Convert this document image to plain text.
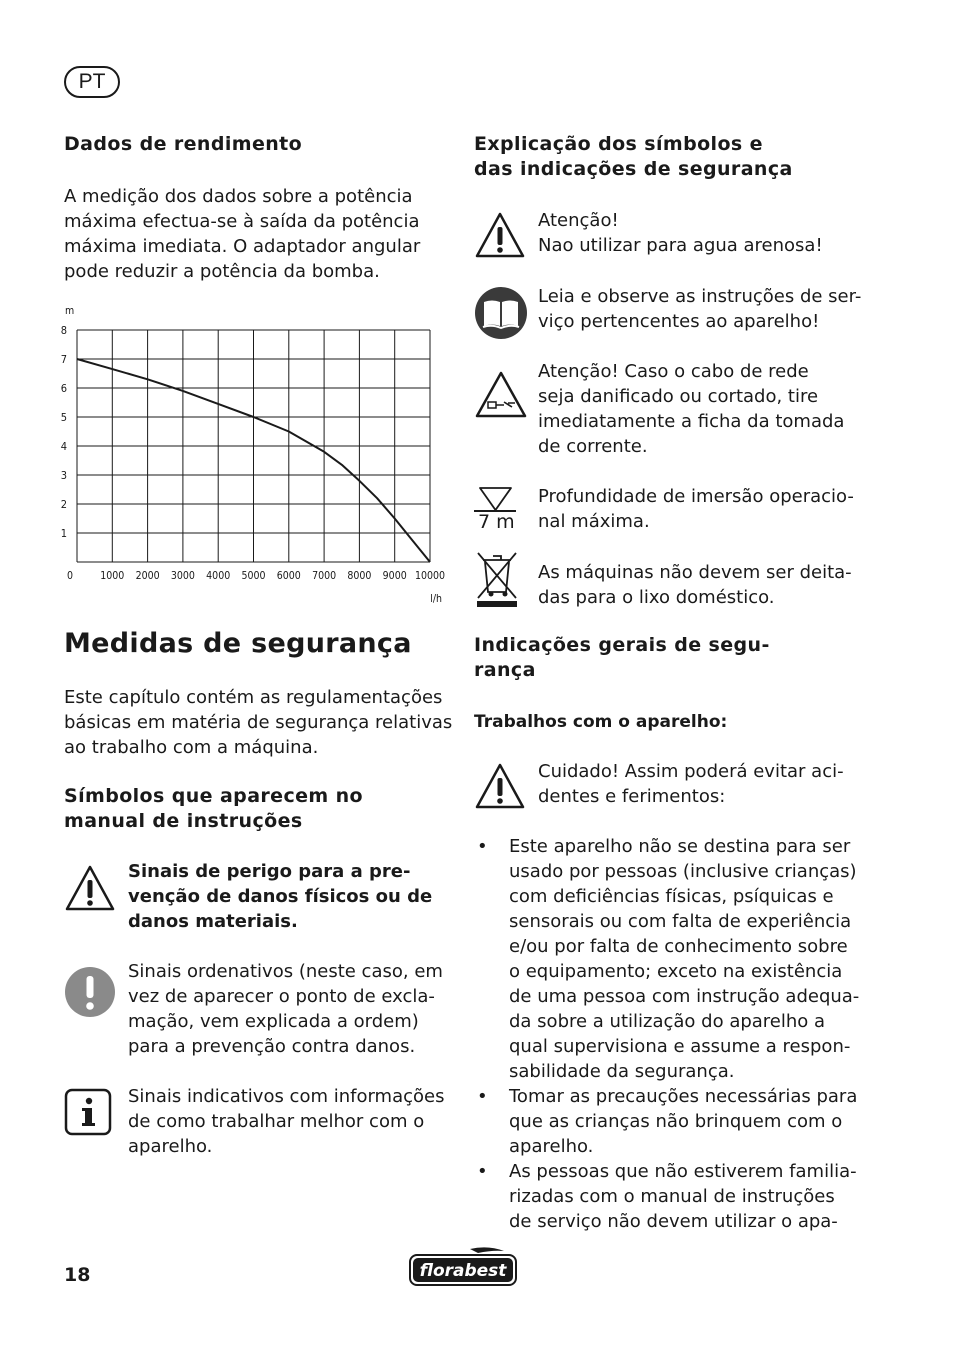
PT
Dados de rendimento

A medição dos dados sobre a potência
máxima efectua-se à saída da potência
máxima imediata. O adaptador angular
pode reduzir a potência da bomba.

1
2
3
4
5
6
7
8
0	1000 2000 3000 4000 5000 6000 7000 8000 9000 10000
m
l/h
Medidas de segurança

Este capítulo contém as regulamentações
básicas em matéria de segurança relativas
ao trabalho com a máquina.

Símbolos que aparecem no
manual de instruções

Sinais de perigo para a pre-
venção de danos físicos ou de
danos materiais.

Sinais ordenativos (neste caso, em
vez de aparecer o ponto de excla-
mação, vem explicada a ordem)
para a prevenção contra danos.

Sinais indicativos com informações
de como trabalhar melhor com o
aparelho.

Explicação dos símbolos e
das indicações de segurança

Atenção!
Nao utilizar para agua arenosa!

Leia e observe as instruções de ser-
viço pertencentes ao aparelho!

Atenção! Caso o cabo de rede
seja danificado ou cortado, tire
imediatamente a ficha da tomada
de corrente.

7 m

Profundidade de imersão operacio-
nal máxima.

As máquinas não devem ser deita-
das para o lixo doméstico.

Indicações gerais de segu-
rança
Trabalhos com o aparelho:

Cuidado! Assim poderá evitar aci-
dentes e ferimentos:

• Este aparelho não se destina para ser
usado por pessoas (inclusive crianças)
com deficiências físicas, psíquicas e
sensorais ou com falta de experiência
e/ou por falta de conhecimento sobre
o equipamento; exceto na existência
de uma pessoa com instrução adequa-
da sobre a utilização do aparelho a
qual supervisiona e assume a respon-
sabilidade da segurança.
• Tomar as precauções necessárias para
que as crianças não brinquem com o
aparelho.
• As pessoas que não estiverem familia-
rizadas com o manual de instruções
de serviço não devem utilizar o apa-
18	florabest
